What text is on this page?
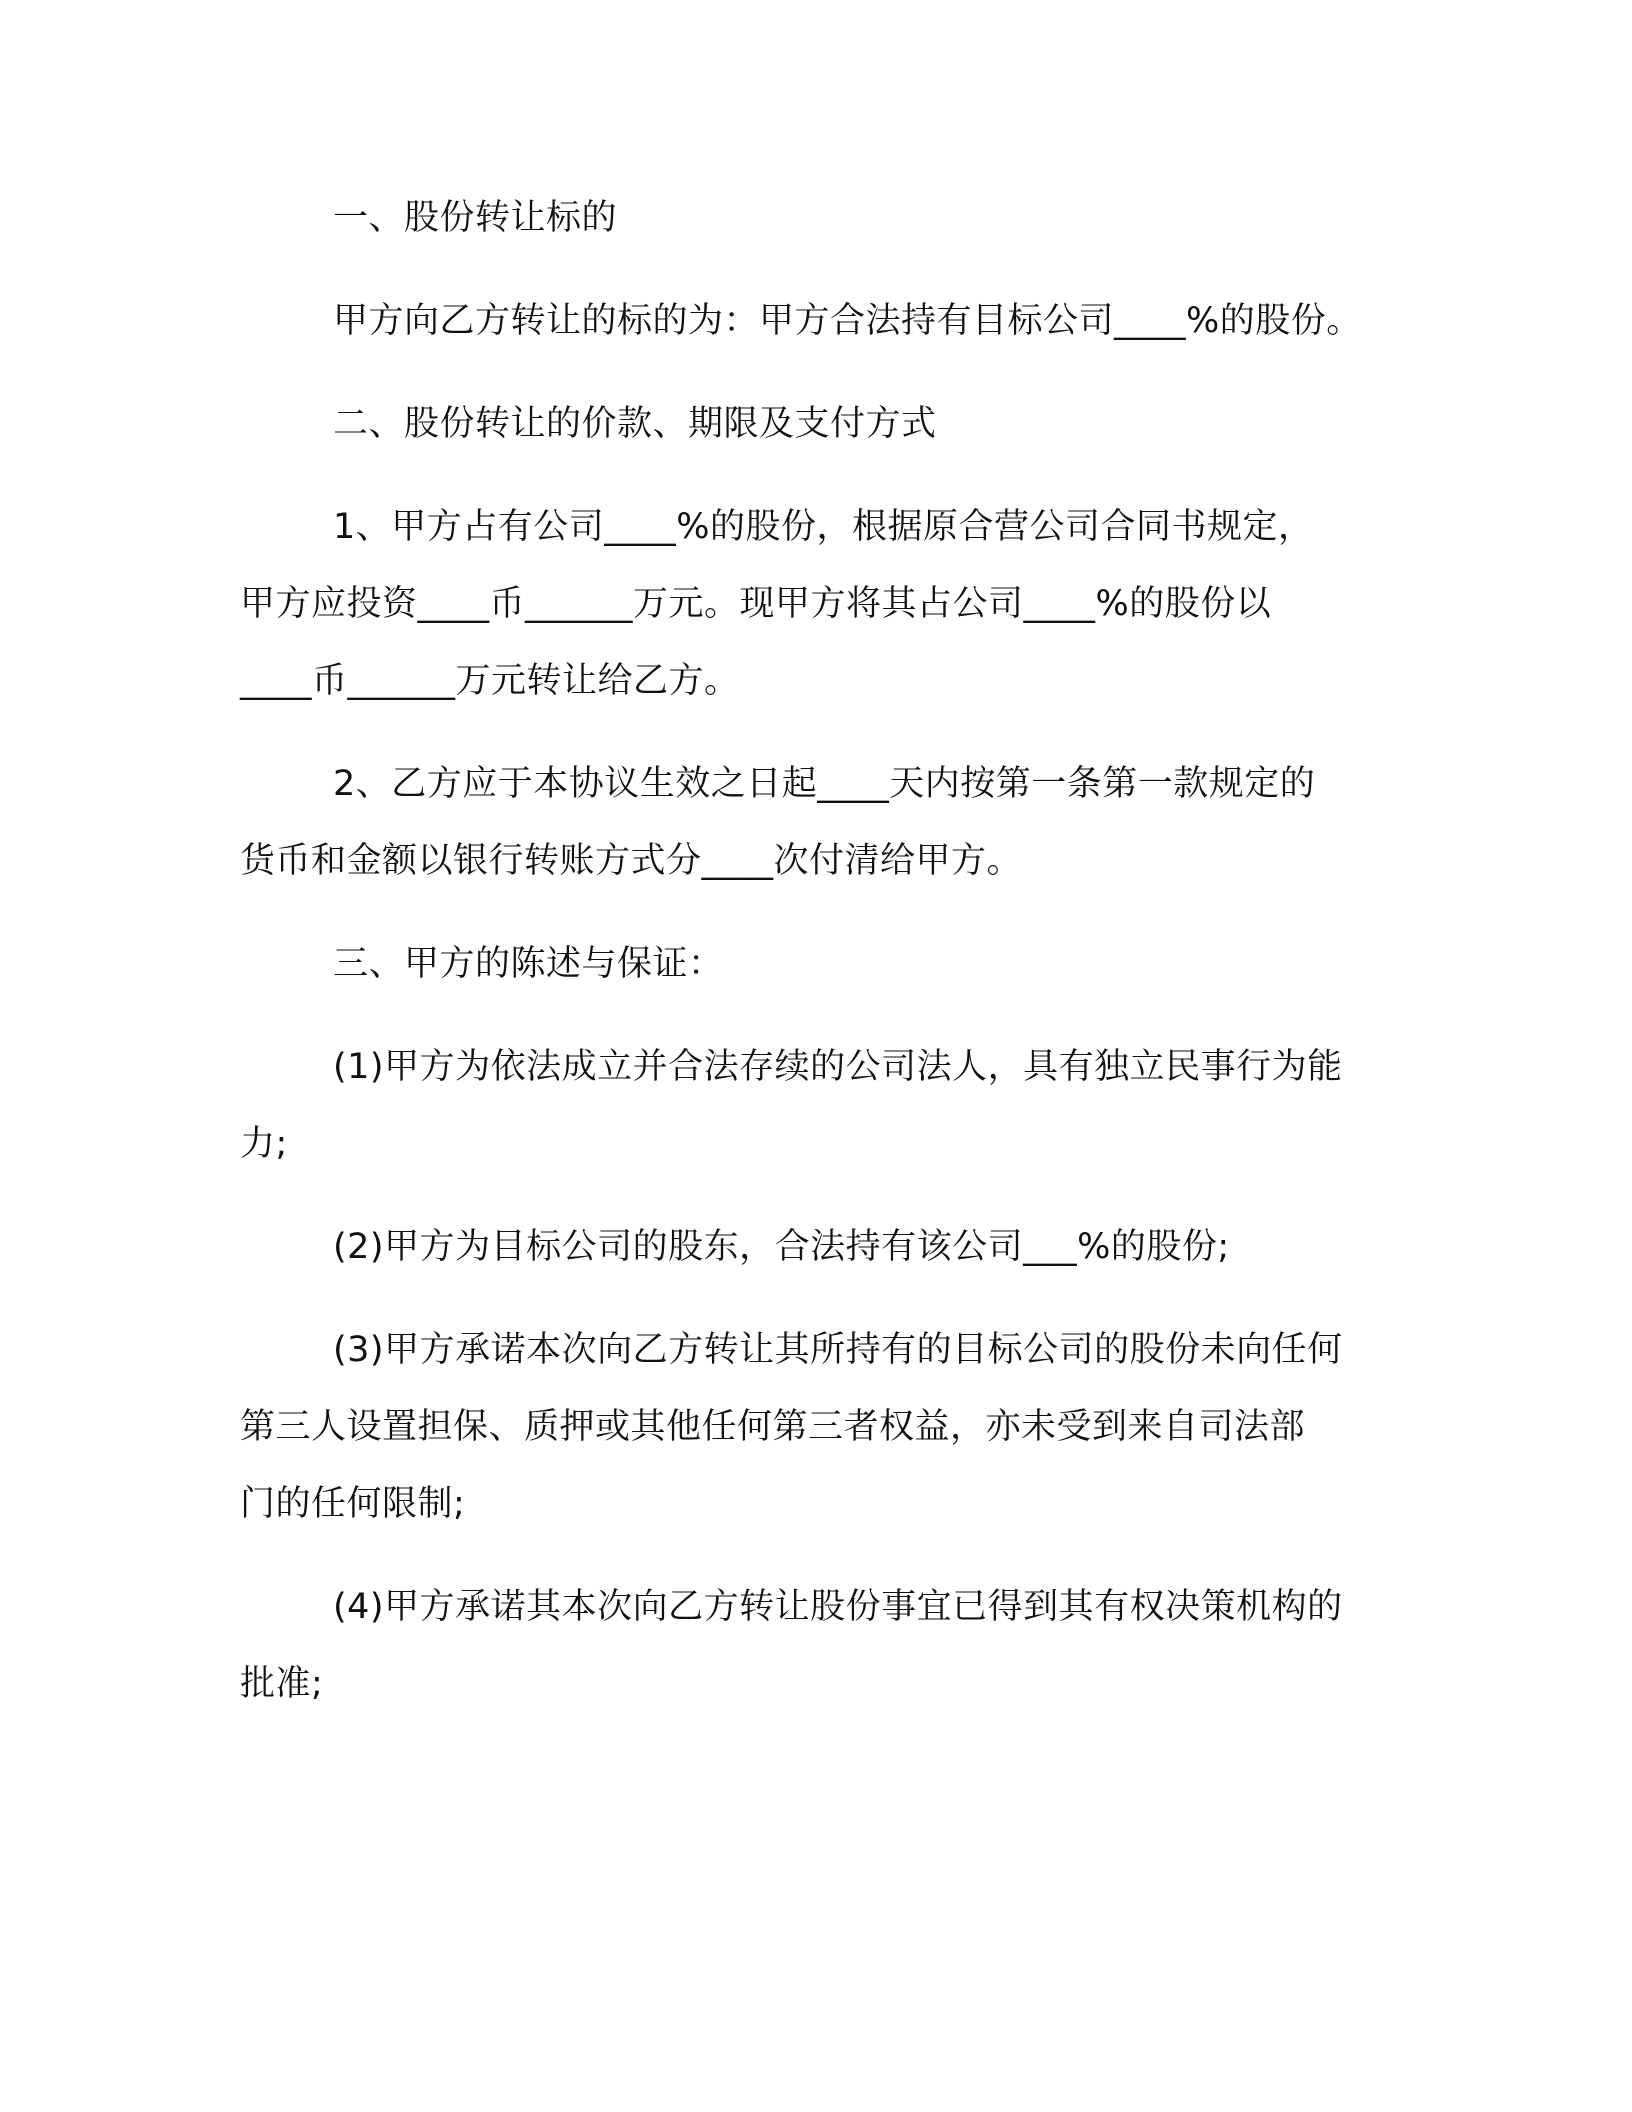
一、股份转让标的
甲方向乙方转让的标的为：甲方合法持有目标公司____%的股份。
二、股份转让的价款、期限及支付方式
1、甲方占有公司____%的股份，根据原合营公司合同书规定，
甲方应投资____币______万元。现甲方将其占公司____%的股份以
____币______万元转让给乙方。
2、乙方应于本协议生效之日起____天内按第一条第一款规定的
货币和金额以银行转账方式分____次付清给甲方。
三、甲方的陈述与保证：
(1)甲方为依法成立并合法存续的公司法人，具有独立民事行为能
力;
(2)甲方为目标公司的股东，合法持有该公司___%的股份;
(3)甲方承诺本次向乙方转让其所持有的目标公司的股份未向任何
第三人设置担保、质押或其他任何第三者权益，亦未受到来自司法部
门的任何限制;
(4)甲方承诺其本次向乙方转让股份事宜已得到其有权决策机构的
批准;
